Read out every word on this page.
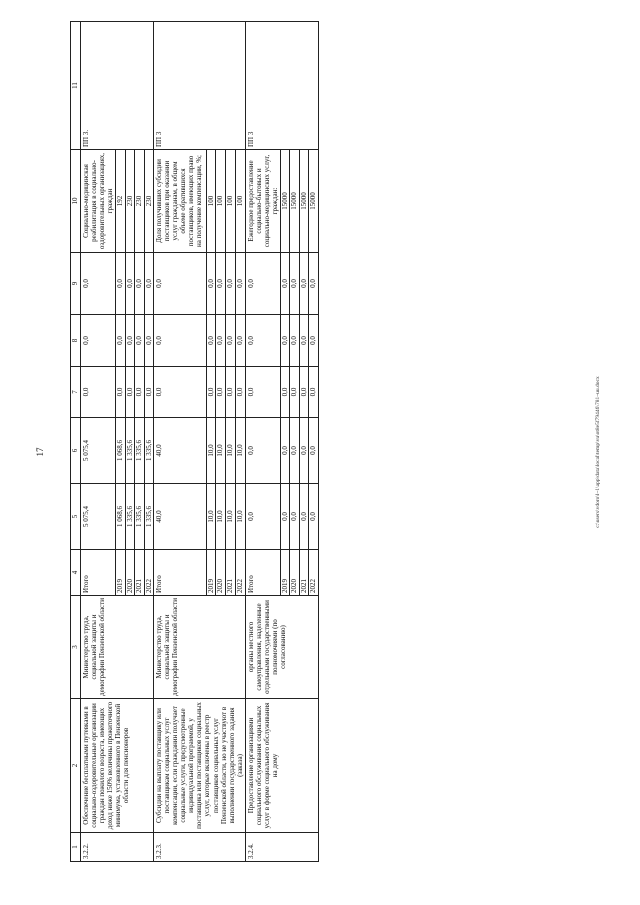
17	c:\users\vdoro\l~1\app\data\local\temp\vu\ot8e5f79446\781~uu.docx
1	2	3	4	5	6	7	8	9	10	11
3.2.2.	Обеспечение бесплатными путевками в социально-оздоровительные организации граждан пожилого возраста, имеющих доход ниже 150% величины прожиточного минимума, установленного в Пензенской области для пенсионеров	Министерство труда, социальной защиты и демографии Пензенской области	Итого	5 075,4	5 075,4	0,0	0,0	0,0	Социально-медицинская реабилитация в социально-оздоровительных организациях, граждан	ПП 3.
			2019	1 068,6	1 068,6	0,0	0,0	0,0	192	
			2020	1 335,6	1 335,6	0,0	0,0	0,0	230	
			2021	1 335,6	1 335,6	0,0	0,0	0,0	230	
			2022	1 335,6	1 335,6	0,0	0,0	0,0	230	
3.2.3.	Субсидии на выплату поставщику или поставщикам социальных услуг компенсации, если гражданин получает социальные услуги, предусмотренные индивидуальной программой, у поставщика или поставщиков социальных услуг, которые включены в реестр поставщиков социальных услуг Пензенской области, но не участвуют в выполнении государственного задания (заказа)	Министерство труда, социальной защиты и демографии Пензенской области	Итого	40,0	40,0	0,0	0,0	0,0	Доля получивших субсидии поставщиков при оказании услуг гражданам, в общем объеме обратившихся поставщиков, имеющих право на получение компенсации, %;	ПП 3
			2019	10,0	10,0	0,0	0,0	0,0	100	
			2020	10,0	10,0	0,0	0,0	0,0	100	
			2021	10,0	10,0	0,0	0,0	0,0	100	
			2022	10,0	10,0	0,0	0,0	0,0	100	
3.2.4.	Предоставление организациями социального обслуживания социальных услуг в форме социального обслуживания на дому	органы местного самоуправления, наделенные отдельными государственными полномочиями (по согласованию)	Итого	0,0	0,0	0,0	0,0	0,0	Ежегодное предоставление социально-бытовых и социально-медицинских услуг, граждан:	ПП 3
			2019	0,0	0,0	0,0	0,0	0,0	15000	
			2020	0,0	0,0	0,0	0,0	0,0	15000	
			2021	0,0	0,0	0,0	0,0	0,0	15000	
			2022	0,0	0,0	0,0	0,0	0,0	15000	
